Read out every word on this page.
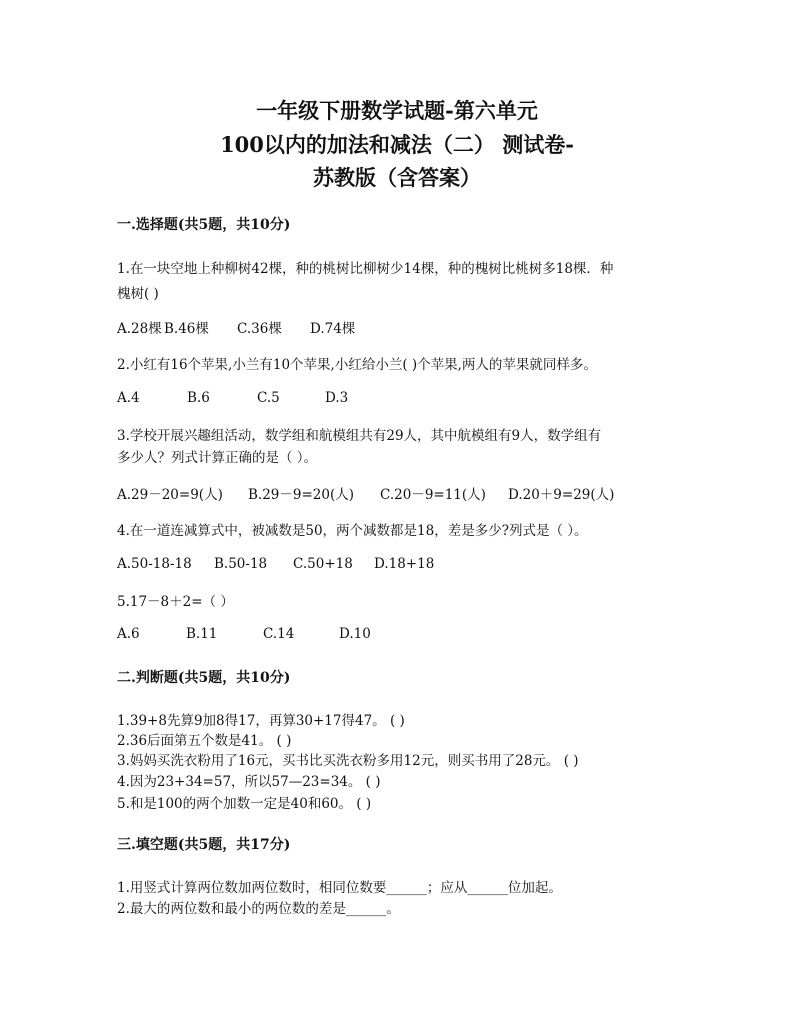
一年级下册数学试题-第六单元
100以内的加法和减法（二） 测试卷-
苏教版（含答案）
一.选择题(共5题，共10分)
1.在一块空地上种柳树42棵，种的桃树比柳树少14棵，种的槐树比桃树多18棵．种
槐树( )
A.28棵 B.46棵 C.36棵 D.74棵
2.小红有16个苹果,小兰有10个苹果,小红给小兰( )个苹果,两人的苹果就同样多。
A.4	B.6	C.5	D.3
3.学校开展兴趣组活动，数学组和航模组共有29人，其中航模组有9人，数学组有
多少人？列式计算正确的是（ ）。
A.29－20=9(人) B.29－9=20(人) C.20－9=11(人) D.20＋9=29(人)
4.在一道连减算式中，被减数是50，两个减数都是18，差是多少?列式是（ ）。
A.50-18-18 B.50-18 C.50+18 D.18+18
5.17－8＋2=（ ）
A.6	B.11	C.14	D.10
二.判断题(共5题，共10分)
1.39+8先算9加8得17，再算30+17得47。 ( )
2.36后面第五个数是41。 ( )
3.妈妈买洗衣粉用了16元，买书比买洗衣粉多用12元，则买书用了28元。 ( )
4.因为23+34=57，所以57—23=34。 ( )
5.和是100的两个加数一定是40和60。 ( )
三.填空题(共5题，共17分)
1.用竖式计算两位数加两位数时，相同位数要______；应从______位加起。
2.最大的两位数和最小的两位数的差是______。
